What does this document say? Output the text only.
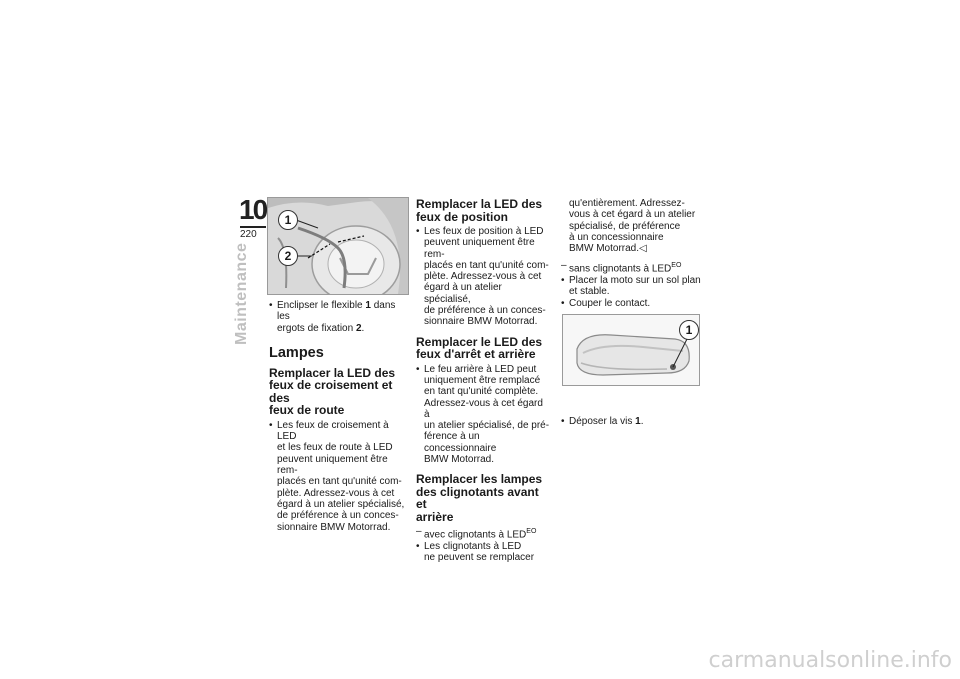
10
220
Maintenance
1
2
• Enclipser le flexible 1 dans les
ergots de fixation 2.
Lampes
Remplacer la LED des
feux de croisement et des
feux de route
• Les feux de croisement à LED
et les feux de route à LED
peuvent uniquement être rem-
placés en tant qu'unité com-
plète. Adressez-vous à cet
égard à un atelier spécialisé,
de préférence à un conces-
sionnaire BMW Motorrad.
Remplacer la LED des
feux de position
• Les feux de position à LED
peuvent uniquement être rem-
placés en tant qu'unité com-
plète. Adressez-vous à cet
égard à un atelier spécialisé,
de préférence à un conces-
sionnaire BMW Motorrad.
Remplacer le LED des
feux d'arrêt et arrière
• Le feu arrière à LED peut
uniquement être remplacé
en tant qu'unité complète.
Adressez-vous à cet égard à
un atelier spécialisé, de pré-
férence à un concessionnaire
BMW Motorrad.
Remplacer les lampes
des clignotants avant et
arrière
– avec clignotants à $LED^{EO}$
• Les clignotants à LED
ne peuvent se remplacer
qu'entièrement. Adressez-
vous à cet égard à un atelier
spécialisé, de préférence
à un concessionnaire
BMW Motorrad.◁
– sans clignotants à $LED^{EO}$
• Placer la moto sur un sol plan
et stable.
• Couper le contact.
1
• Déposer la vis 1.
carmanualsonline.info
